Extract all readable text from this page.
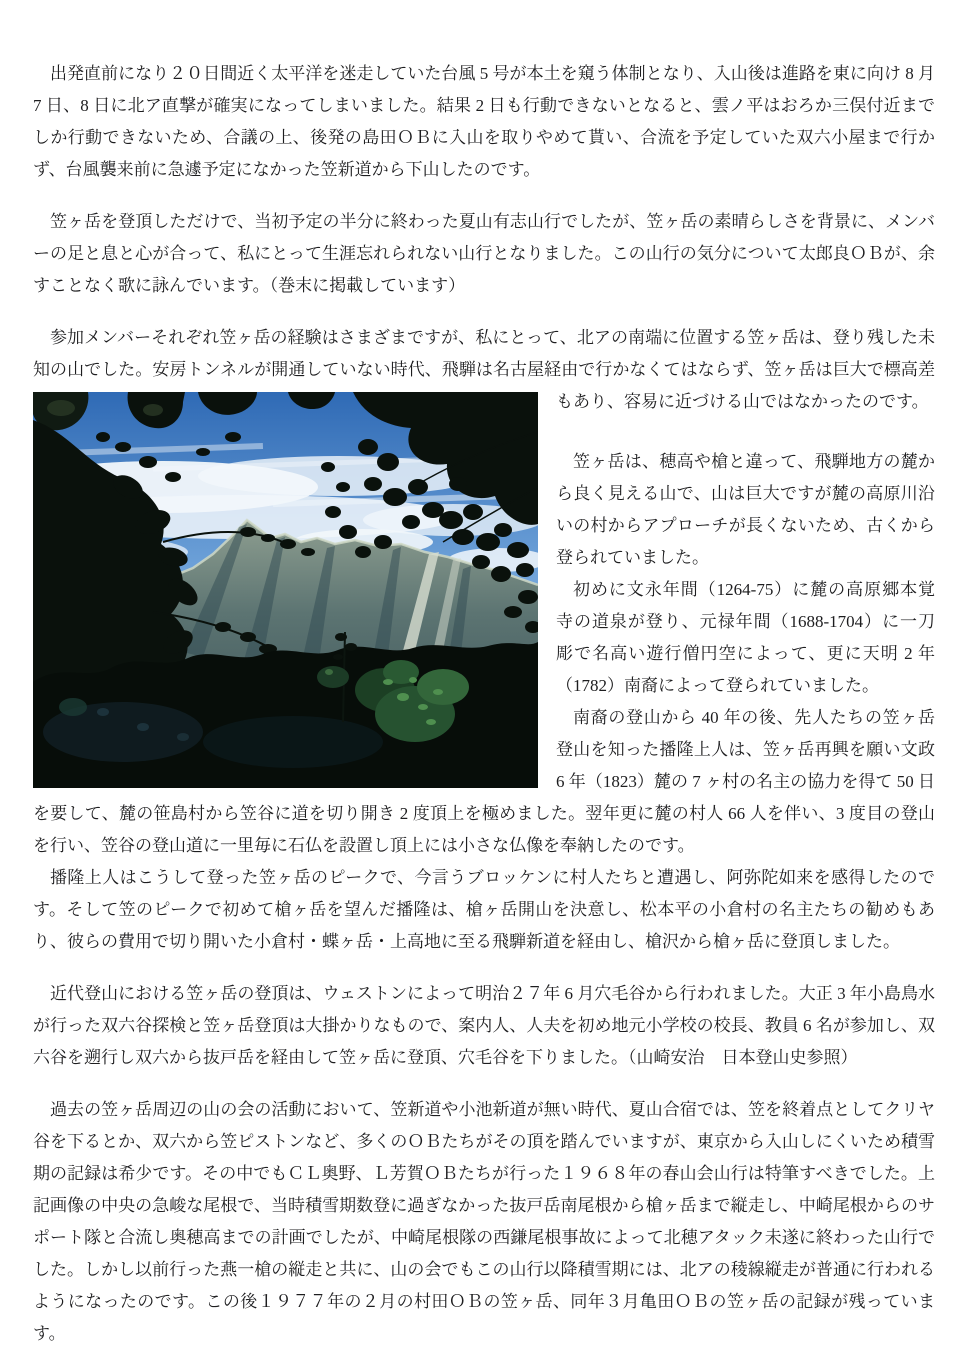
出発直前になり２０日間近く太平洋を迷走していた台風 5 号が本土を窺う体制となり、入山後は進路を東に向け 8 月 7 日、8 日に北ア直撃が確実になってしまいました。結果 2 日も行動できないとなると、雲ノ平はおろか三俣付近までしか行動できないため、合議の上、後発の島田ＯＢに入山を取りやめて貰い、合流を予定していた双六小屋まで行かず、台風襲来前に急遽予定になかった笠新道から下山したのです。

笠ヶ岳を登頂しただけで、当初予定の半分に終わった夏山有志山行でしたが、笠ヶ岳の素晴らしさを背景に、メンバーの足と息と心が合って、私にとって生涯忘れられない山行となりました。この山行の気分について太郎良ＯＢが、余すことなく歌に詠んでいます。（巻末に掲載しています）

参加メンバーそれぞれ笠ヶ岳の経験はさまざまですが、私にとって、北アの南端に位置する笠ヶ岳は、登り残した未知の山でした。安房トンネルが開通していない時代、飛騨は名古屋経由で行かなくてはならず、笠ヶ岳は巨大で標高差
もあり、容易に近づける山ではなかったのです。

笠ヶ岳は、穂高や槍と違って、飛騨地方の麓から良く見える山で、山は巨大ですが麓の高原川沿いの村からアプローチが長くないため、古くから登られていました。

初めに文永年間（1264-75）に麓の高原郷本覚寺の道泉が登り、元禄年間（1688-1704）に一刀彫で名高い遊行僧円空によって、更に天明 2 年（1782）南裔によって登られていました。

南裔の登山から 40 年の後、先人たちの笠ヶ岳登山を知った播隆上人は、笠ヶ岳再興を願い文政 6 年（1823）麓の 7 ヶ村の名主の協力を得て 50 日を要して、麓の笹島村から笠谷に道を切り開き 2 度頂上を極めました。翌年更に麓の村人 66 人を伴い、3 度目の登山を行い、笠谷の登山道に一里毎に石仏を設置し頂上には小さな仏像を奉納したのです。

播隆上人はこうして登った笠ヶ岳のピークで、今言うブロッケンに村人たちと遭遇し、阿弥陀如来を感得したのです。そして笠のピークで初めて槍ヶ岳を望んだ播隆は、槍ヶ岳開山を決意し、松本平の小倉村の名主たちの勧めもあり、彼らの費用で切り開いた小倉村・蝶ヶ岳・上高地に至る飛騨新道を経由し、槍沢から槍ヶ岳に登頂しました。

近代登山における笠ヶ岳の登頂は、ウェストンによって明治２７年 6 月穴毛谷から行われました。大正 3 年小島鳥水が行った双六谷探検と笠ヶ岳登頂は大掛かりなもので、案内人、人夫を初め地元小学校の校長、教員 6 名が参加し、双六谷を遡行し双六から抜戸岳を経由して笠ヶ岳に登頂、穴毛谷を下りました。（山崎安治　日本登山史参照）

過去の笠ヶ岳周辺の山の会の活動において、笠新道や小池新道が無い時代、夏山合宿では、笠を終着点としてクリヤ谷を下るとか、双六から笠ピストンなど、多くのＯＢたちがその頂を踏んでいますが、東京から入山しにくいため積雪期の記録は希少です。その中でもＣＬ奥野、Ｌ芳賀ＯＢたちが行った１９６８年の春山会山行は特筆すべきでした。上記画像の中央の急峻な尾根で、当時積雪期数登に過ぎなかった抜戸岳南尾根から槍ヶ岳まで縦走し、中崎尾根からのサポート隊と合流し奥穂高までの計画でしたが、中崎尾根隊の西鎌尾根事故によって北穂アタック未遂に終わった山行でした。しかし以前行った燕一槍の縦走と共に、山の会でもこの山行以降積雪期には、北アの稜線縦走が普通に行われるようになったのです。この後１９７７年の２月の村田ＯＢの笠ヶ岳、同年３月亀田ＯＢの笠ヶ岳の記録が残っています。
